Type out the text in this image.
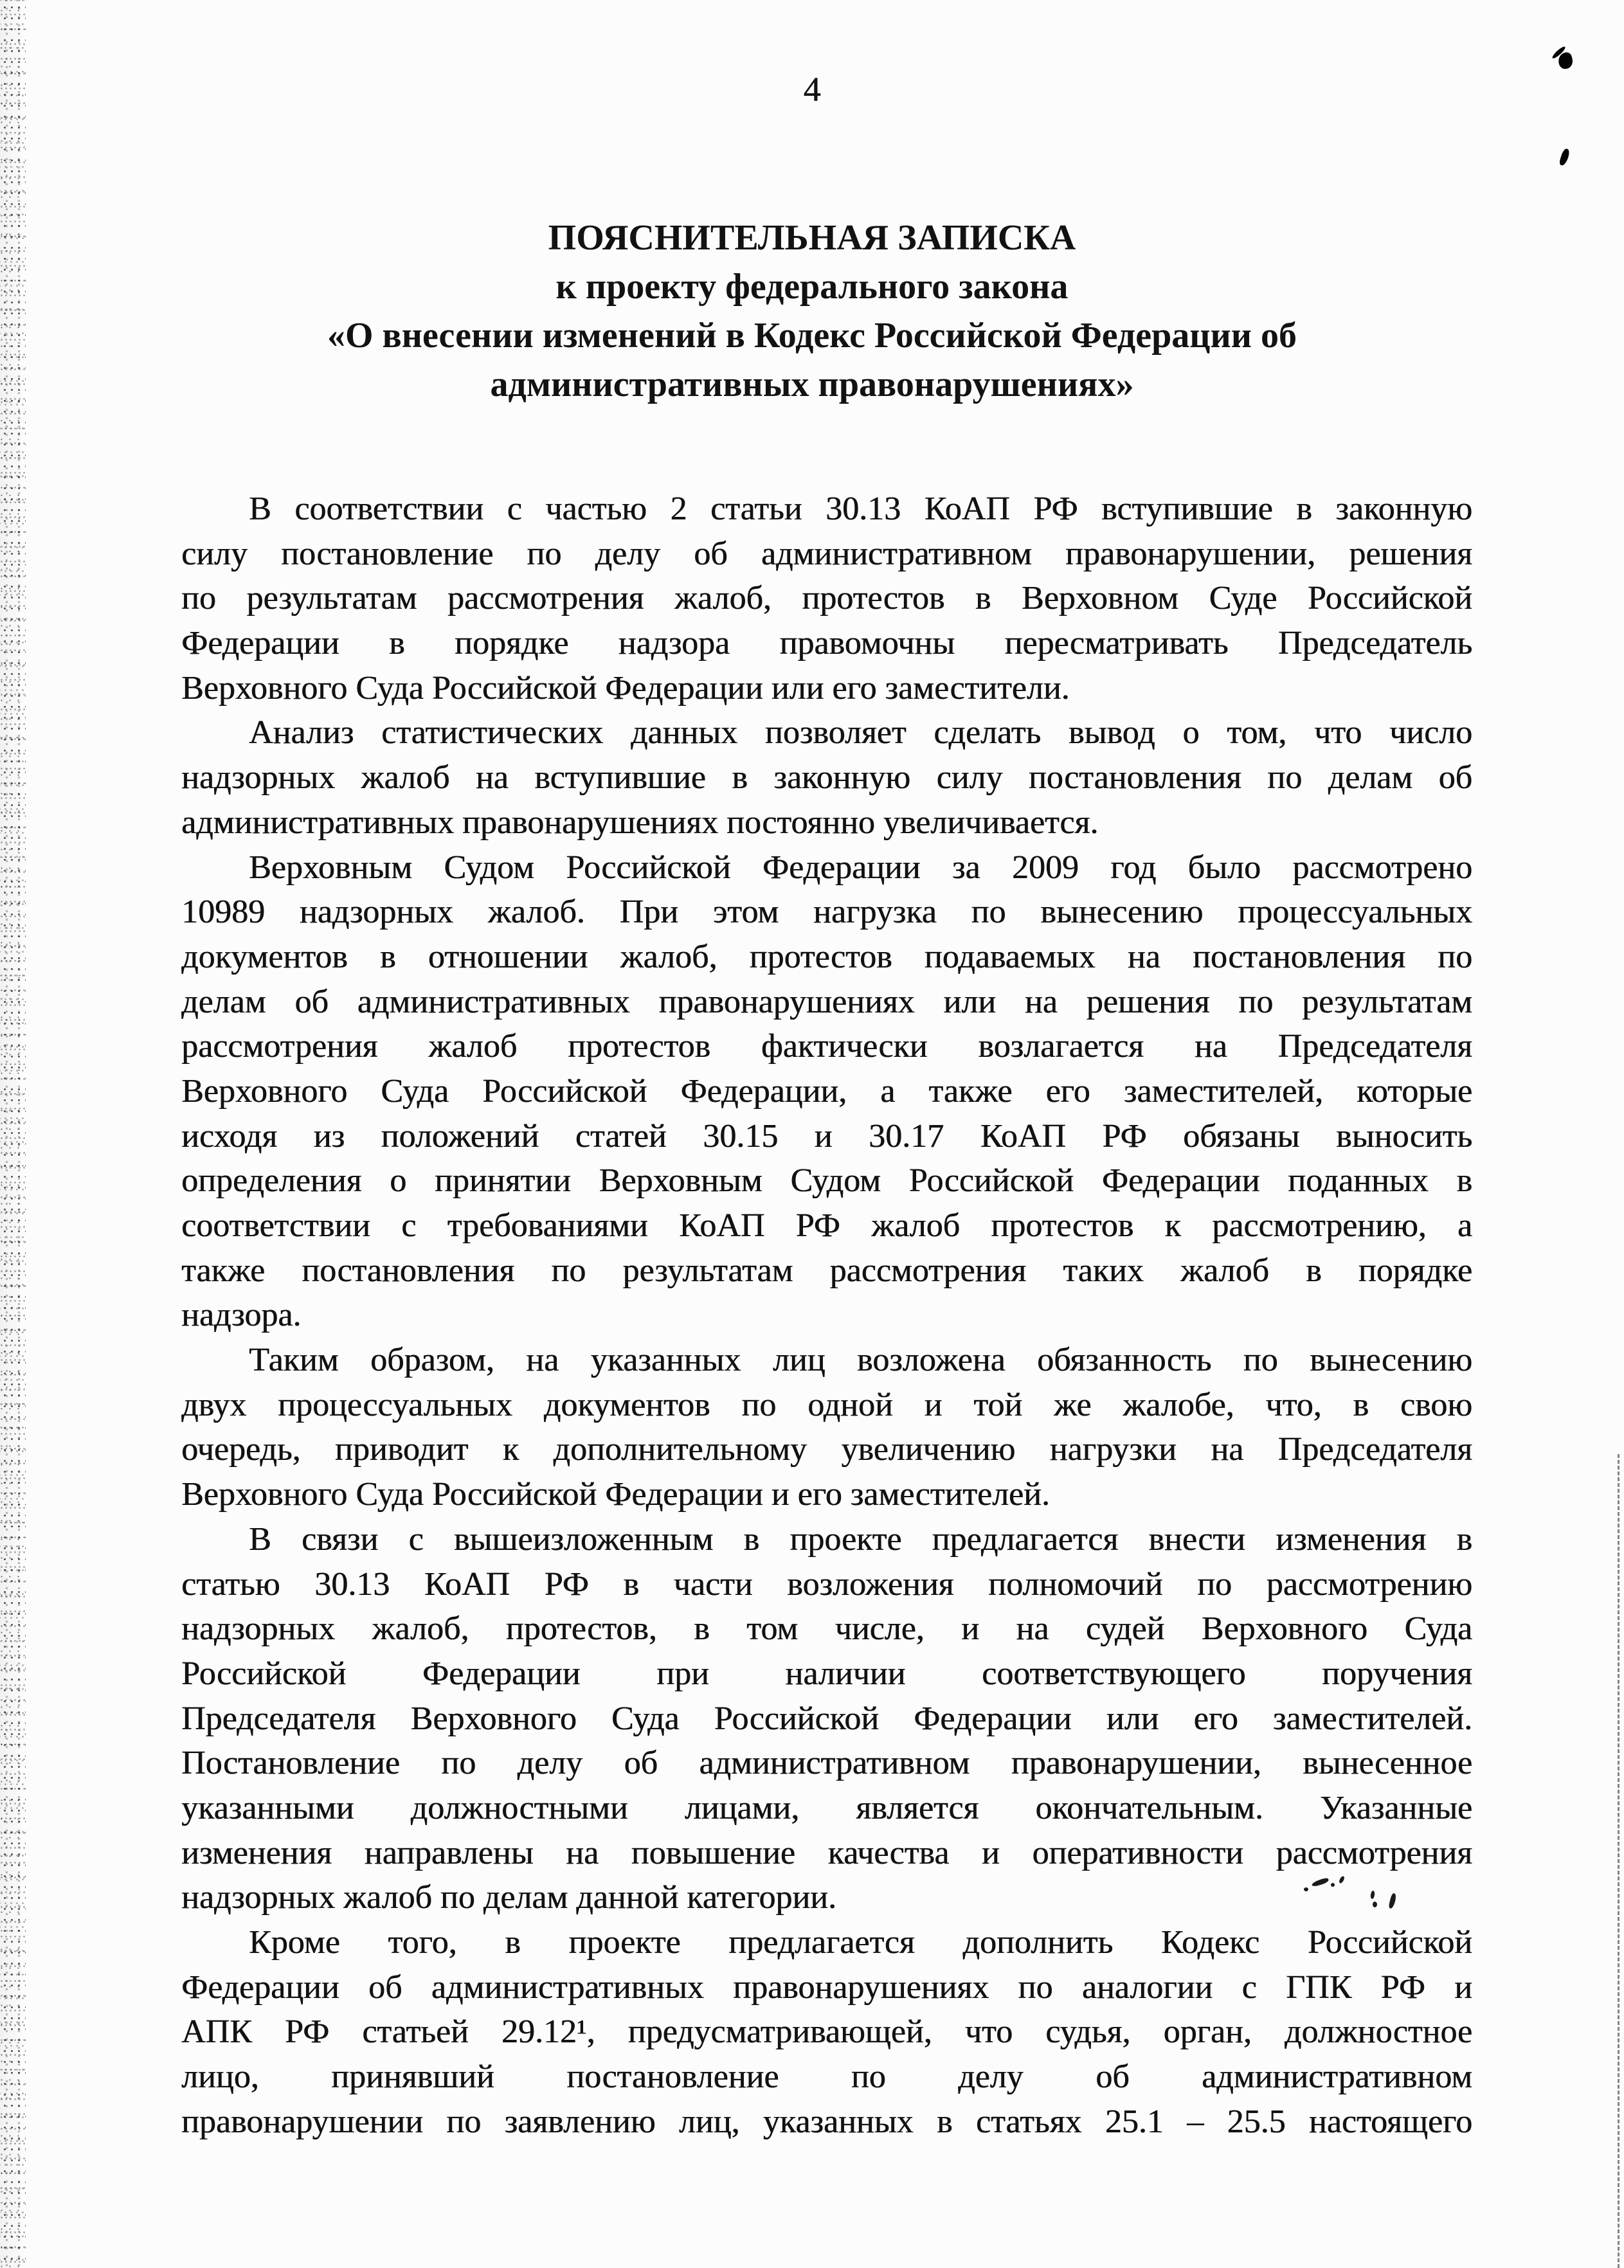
4
ПОЯСНИТЕЛЬНАЯ ЗАПИСКА
к проекту федерального закона
«О внесении изменений в Кодекс Российской Федерации об
административных правонарушениях»
В соответствии с частью 2 статьи 30.13 КоАП РФ вступившие в законную
силу постановление по делу об административном правонарушении, решения
по результатам рассмотрения жалоб, протестов в Верховном Суде Российской
Федерации в порядке надзора правомочны пересматривать Председатель
Верховного Суда Российской Федерации или его заместители.
Анализ статистических данных позволяет сделать вывод о том, что число
надзорных жалоб на вступившие в законную силу постановления по делам об
административных правонарушениях постоянно увеличивается.
Верховным Судом Российской Федерации за 2009 год было рассмотрено
10989 надзорных жалоб. При этом нагрузка по вынесению процессуальных
документов в отношении жалоб, протестов подаваемых на постановления по
делам об административных правонарушениях или на решения по результатам
рассмотрения жалоб протестов фактически возлагается на Председателя
Верховного Суда Российской Федерации, а также его заместителей, которые
исходя из положений статей 30.15 и 30.17 КоАП РФ обязаны выносить
определения о принятии Верховным Судом Российской Федерации поданных в
соответствии с требованиями КоАП РФ жалоб протестов к рассмотрению, а
также постановления по результатам рассмотрения таких жалоб в порядке
надзора.
Таким образом, на указанных лиц возложена обязанность по вынесению
двух процессуальных документов по одной и той же жалобе, что, в свою
очередь, приводит к дополнительному увеличению нагрузки на Председателя
Верховного Суда Российской Федерации и его заместителей.
В связи с вышеизложенным в проекте предлагается внести изменения в
статью 30.13 КоАП РФ в части возложения полномочий по рассмотрению
надзорных жалоб, протестов, в том числе, и на судей Верховного Суда
Российской Федерации при наличии соответствующего поручения
Председателя Верховного Суда Российской Федерации или его заместителей.
Постановление по делу об административном правонарушении, вынесенное
указанными должностными лицами, является окончательным. Указанные
изменения направлены на повышение качества и оперативности рассмотрения
надзорных жалоб по делам данной категории.
Кроме того, в проекте предлагается дополнить Кодекс Российской
Федерации об административных правонарушениях по аналогии с ГПК РФ и
АПК РФ статьей 29.12¹, предусматривающей, что судья, орган, должностное
лицо, принявший постановление по делу об административном
правонарушении по заявлению лиц, указанных в статьях 25.1 – 25.5 настоящего
